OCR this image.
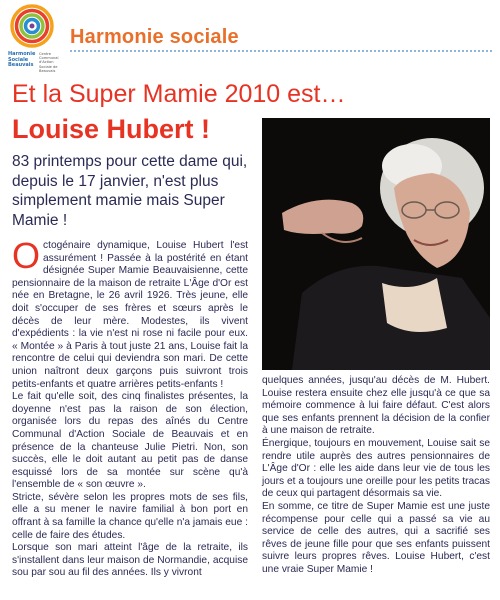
Harmonie
Sociale
Beauvais
Centre Communal d'Action Sociale de Beauvais
Harmonie sociale
Et la Super Mamie 2010 est…
Louise Hubert !
83 printemps pour cette dame qui, depuis le 17 janvier, n'est plus simplement mamie mais Super Mamie !

Octogénaire dynamique, Louise Hubert l'est assurément ! Passée à la postérité en étant désignée Super Mamie Beauvaisienne, cette pensionnaire de la maison de retraite L'Âge d'Or est née en Bretagne, le 26 avril 1926. Très jeune, elle doit s'occuper de ses frères et sœurs après le décès de leur mère. Modestes, ils vivent d'expédients : la vie n'est ni rose ni facile pour eux. « Montée » à Paris à tout juste 21 ans, Louise fait la rencontre de celui qui deviendra son mari. De cette union naîtront deux garçons puis suivront trois petits-enfants et quatre arrières petits-enfants !

Le fait qu'elle soit, des cinq finalistes présentes, la doyenne n'est pas la raison de son élection, organisée lors du repas des aînés du Centre Communal d'Action Sociale de Beauvais et en présence de la chanteuse Julie Pietri. Non, son succès, elle le doit autant au petit pas de danse esquissé lors de sa montée sur scène qu'à l'ensemble de « son œuvre ».

Stricte, sévère selon les propres mots de ses fils, elle a su mener le navire familial à bon port en offrant à sa famille la chance qu'elle n'a jamais eue : celle de faire des études.

Lorsque son mari atteint l'âge de la retraite, ils s'installent dans leur maison de Normandie, acquise sou par sou au fil des années. Ils y vivront

quelques années, jusqu'au décès de M. Hubert. Louise restera ensuite chez elle jusqu'à ce que sa mémoire commence à lui faire défaut. C'est alors que ses enfants prennent la décision de la confier à une maison de retraite.

Énergique, toujours en mouvement, Louise sait se rendre utile auprès des autres pensionnaires de L'Âge d'Or : elle les aide dans leur vie de tous les jours et a toujours une oreille pour les petits tracas de ceux qui partagent désormais sa vie.

En somme, ce titre de Super Mamie est une juste récompense pour celle qui a passé sa vie au service de celle des autres, qui a sacrifié ses rêves de jeune fille pour que ses enfants puissent suivre leurs propres rêves. Louise Hubert, c'est une vraie Super Mamie !
